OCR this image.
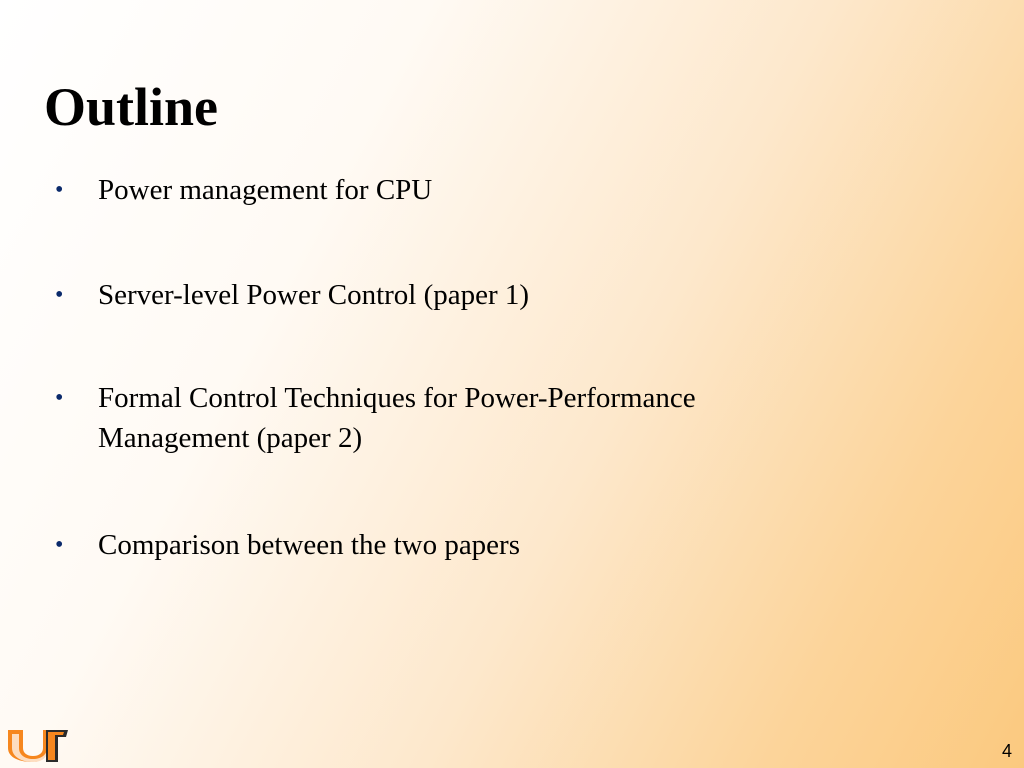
Outline
•	Power management for CPU
•	Server-level Power Control (paper 1)
•	Formal Control Techniques for Power-Performance Management (paper 2)
•	Comparison between the two papers
4
